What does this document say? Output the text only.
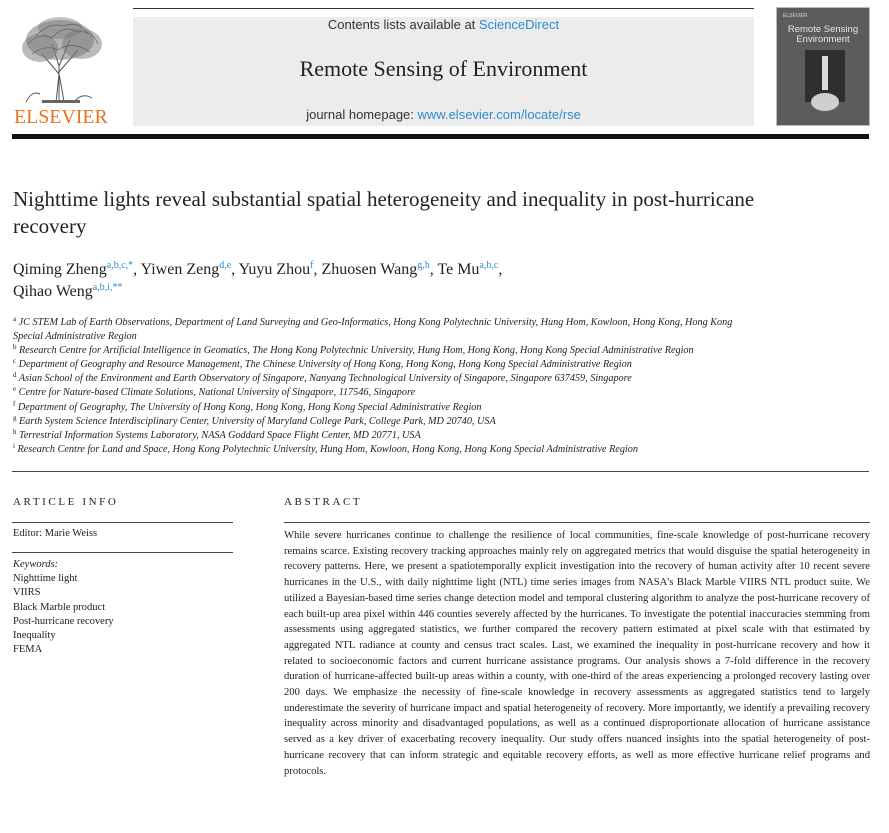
ELSEVIER
Contents lists available at ScienceDirect
Remote Sensing of Environment
journal homepage: www.elsevier.com/locate/rse
ELSEVIER
Remote Sensing
Environment
Nighttime lights reveal substantial spatial heterogeneity and inequality in post-hurricane recovery
Qiming Zheng$^{a,b,c,*}$, Yiwen Zeng$^{d,e}$, Yuyu Zhou$^f$, Zhuosen Wang$^{g,h}$, Te Mu$^{a,b,c}$,
Qihao Weng$^{a,b,i,**}$
$^a$ JC STEM Lab of Earth Observations, Department of Land Surveying and Geo-Informatics, Hong Kong Polytechnic University, Hung Hom, Kowloon, Hong Kong, Hong Kong Special Administrative Region
$^b$ Research Centre for Artificial Intelligence in Geomatics, The Hong Kong Polytechnic University, Hung Hom, Hong Kong, Hong Kong Special Administrative Region
$^c$ Department of Geography and Resource Management, The Chinese University of Hong Kong, Hong Kong, Hong Kong Special Administrative Region
$^d$ Asian School of the Environment and Earth Observatory of Singapore, Nanyang Technological University of Singapore, Singapore 637459, Singapore
$^e$ Centre for Nature-based Climate Solutions, National University of Singapore, 117546, Singapore
$^f$ Department of Geography, The University of Hong Kong, Hong Kong, Hong Kong Special Administrative Region
$^g$ Earth System Science Interdisciplinary Center, University of Maryland College Park, College Park, MD 20740, USA
$^h$ Terrestrial Information Systems Laboratory, NASA Goddard Space Flight Center, MD 20771, USA
$^i$ Research Centre for Land and Space, Hong Kong Polytechnic University, Hung Hom, Kowloon, Hong Kong, Hong Kong Special Administrative Region
ARTICLE INFO
Editor: Marie Weiss
Keywords:
Nighttime light
VIIRS
Black Marble product
Post-hurricane recovery
Inequality
FEMA
ABSTRACT
While severe hurricanes continue to challenge the resilience of local communities, fine-scale knowledge of post-hurricane recovery remains scarce. Existing recovery tracking approaches mainly rely on aggregated metrics that would disguise the spatial heterogeneity in recovery patterns. Here, we present a spatiotemporally explicit investigation into the recovery of human activity after 10 recent severe hurricanes in the U.S., with daily nighttime light (NTL) time series images from NASA's Black Marble VIIRS NTL product suite. We utilized a Bayesian-based time series change detection model and temporal clustering algorithm to analyze the post-hurricane recovery of each built-up area pixel within 446 counties severely affected by the hurricanes. To investigate the potential inaccuracies stemming from assessments using aggregated statistics, we further compared the recovery pattern estimated at pixel scale with that estimated by aggregated NTL radiance at county and census tract scales. Last, we examined the inequality in post-hurricane recovery and how it related to socioeconomic factors and current hurricane assistance programs. Our analysis shows a 7-fold difference in the recovery duration of hurricane-affected built-up areas within a county, with one-third of the areas experiencing a prolonged recovery lasting over 200 days. We emphasize the necessity of fine-scale knowledge in recovery assessments as aggregated statistics tend to largely underestimate the severity of hurricane impact and spatial heterogeneity of recovery. More importantly, we identify a prevailing recovery inequality across minority and disadvantaged populations, as well as a continued disproportionate allocation of hurricane assistance served as a key driver of exacerbating recovery inequality. Our study offers nuanced insights into the spatial heterogeneity of post-hurricane recovery that can inform strategic and equitable recovery efforts, as well as more effective hurricane relief programs and protocols.
